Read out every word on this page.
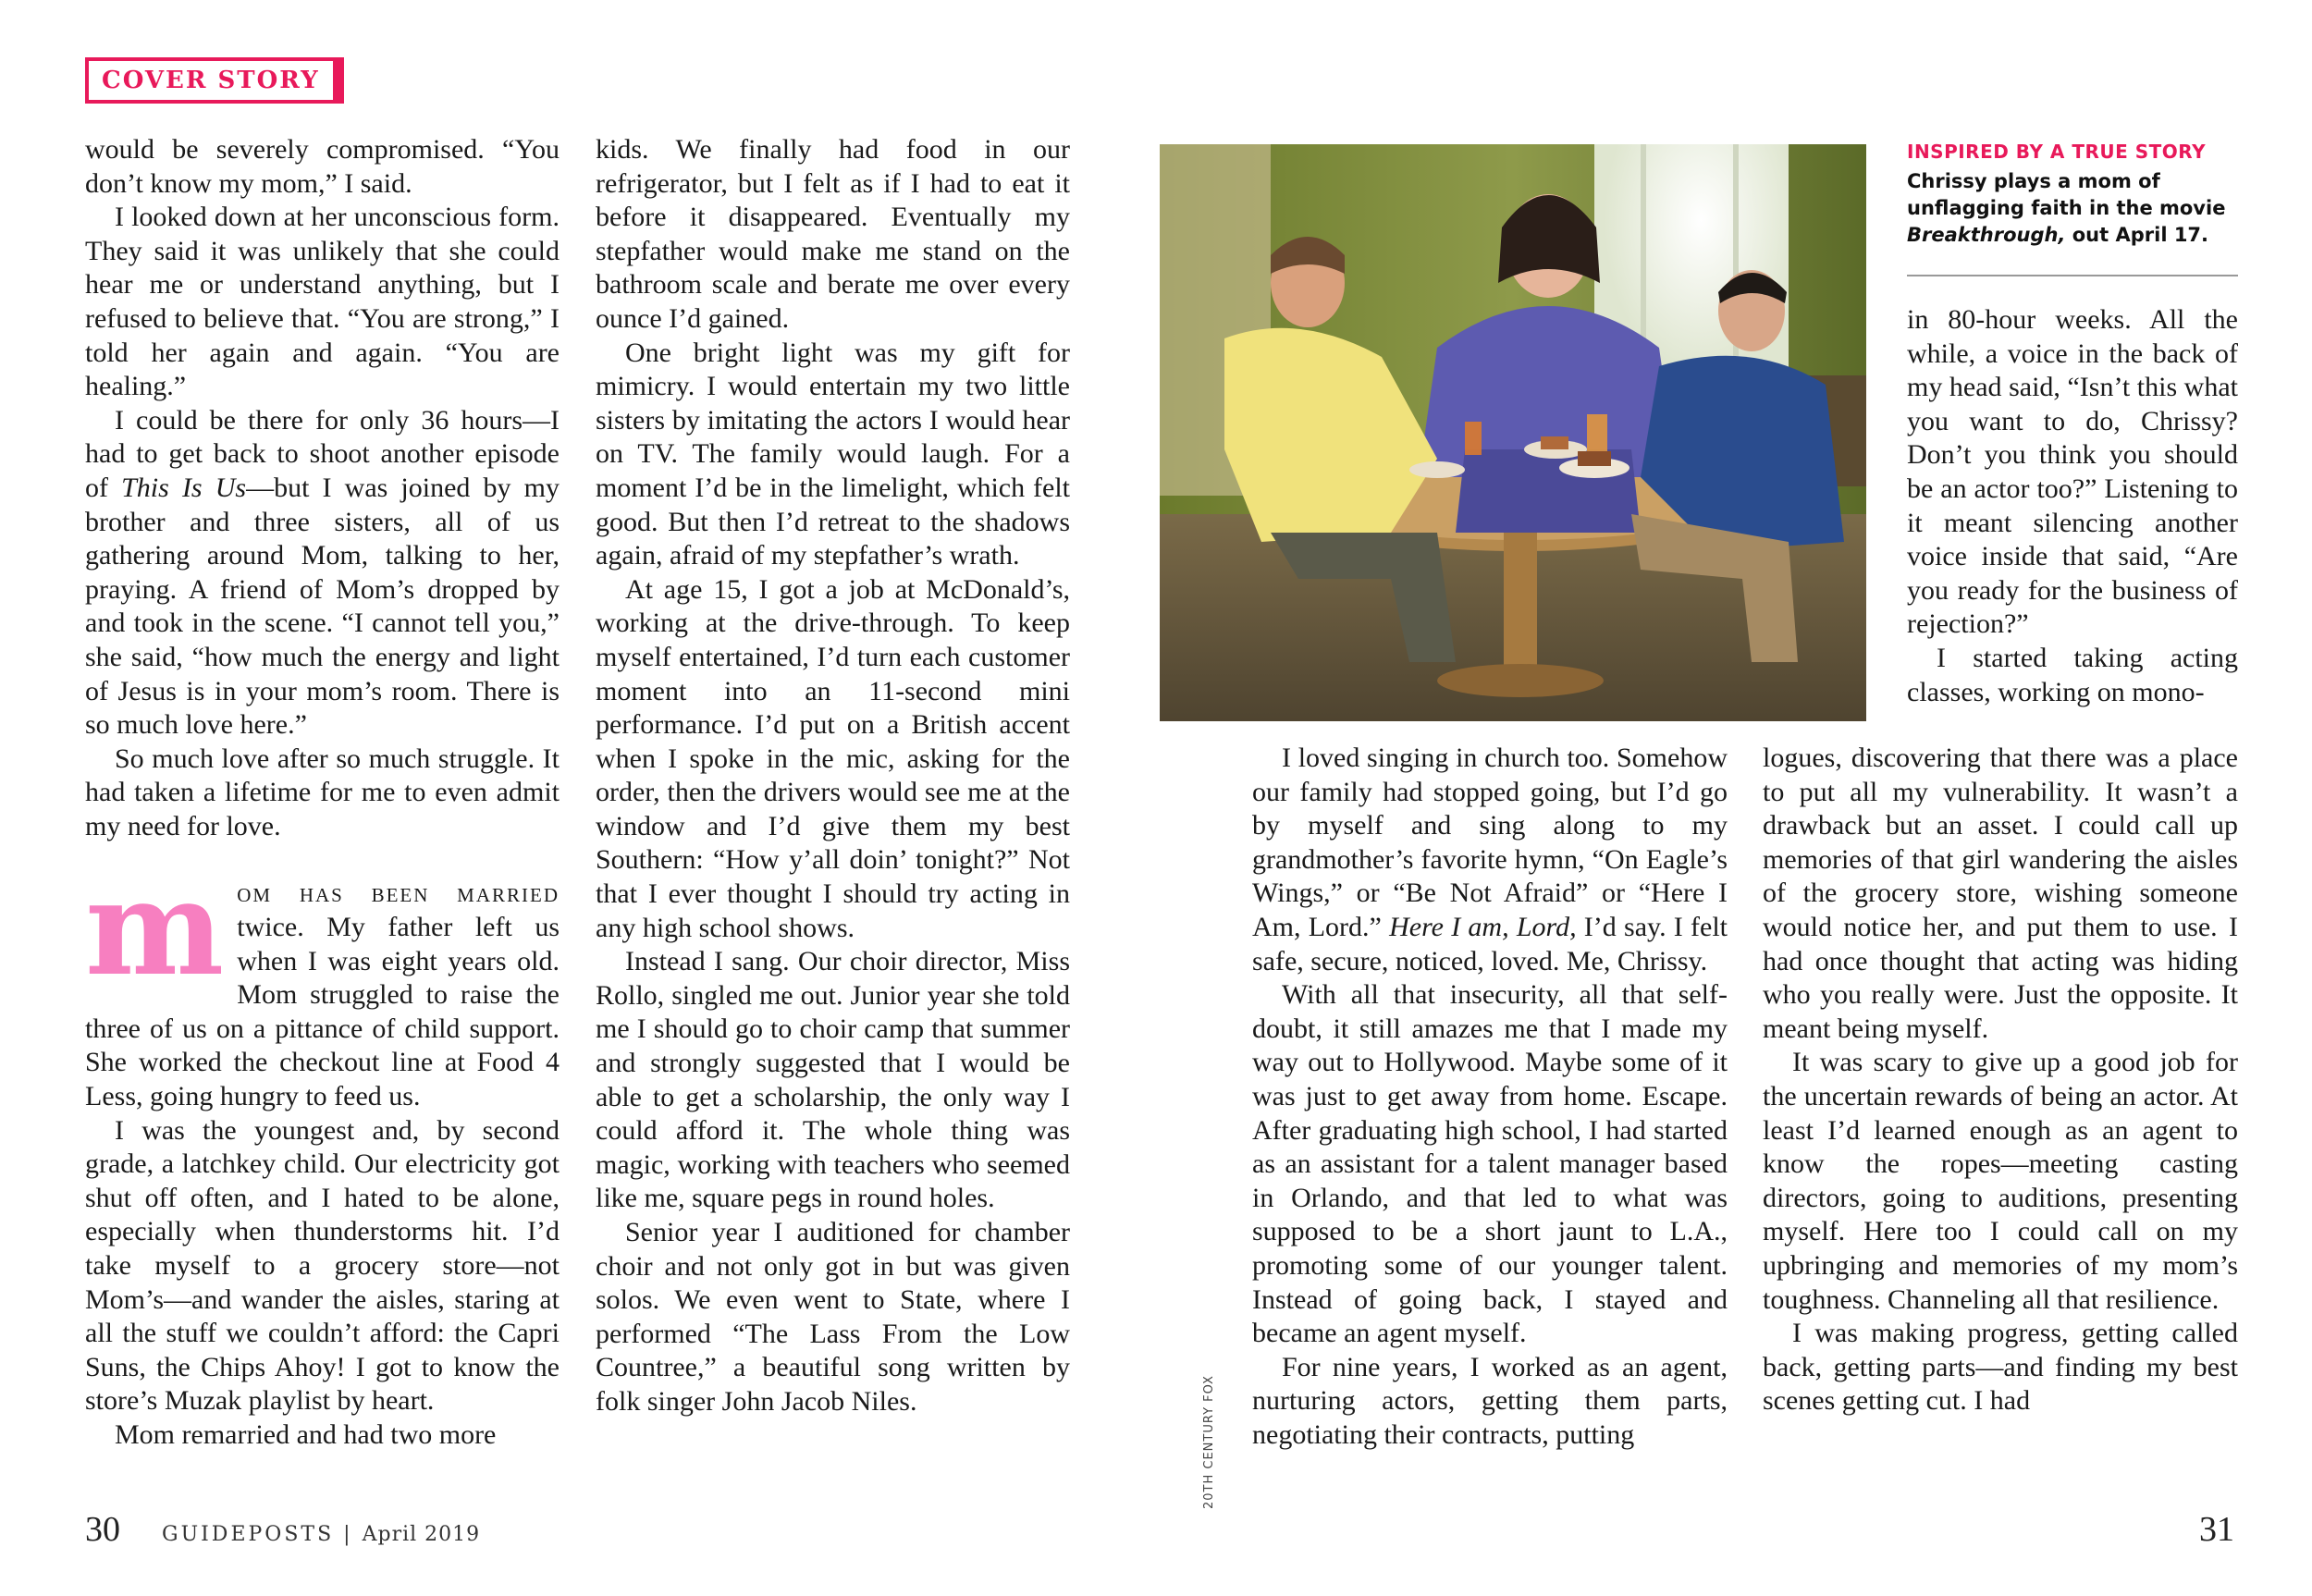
COVER STORY

would be severely compromised. “You don’t know my mom,” I said.

I looked down at her unconscious form. They said it was unlikely that she could hear me or understand anything, but I refused to believe that. “You are strong,” I told her again and again. “You are healing.”

I could be there for only 36 hours—I had to get back to shoot another episode of This Is Us—but I was joined by my brother and three sisters, all of us gathering around Mom, talking to her, praying. A friend of Mom’s dropped by and took in the scene. “I cannot tell you,” she said, “how much the energy and light of Jesus is in your mom’s room. There is so much love here.”

So much love after so much struggle. It had taken a lifetime for me to even admit my need for love.

mom has been married twice. My father left us when I was eight years old. Mom struggled to raise the three of us on a pittance of child support. She worked the checkout line at Food 4 Less, going hungry to feed us.

I was the youngest and, by second grade, a latchkey child. Our electricity got shut off often, and I hated to be alone, especially when thunderstorms hit. I’d take myself to a grocery store—not Mom’s—and wander the aisles, staring at all the stuff we couldn’t afford: the Capri Suns, the Chips Ahoy! I got to know the store’s Muzak playlist by heart.

Mom remarried and had two more

kids. We finally had food in our refrigerator, but I felt as if I had to eat it before it disappeared. Eventually my stepfather would make me stand on the bathroom scale and berate me over every ounce I’d gained.

One bright light was my gift for mimicry. I would entertain my two little sisters by imitating the actors I would hear on TV. The family would laugh. For a moment I’d be in the limelight, which felt good. But then I’d retreat to the shadows again, afraid of my stepfather’s wrath.

At age 15, I got a job at McDonald’s, working at the drive-through. To keep myself entertained, I’d turn each customer moment into an 11-second mini performance. I’d put on a British accent when I spoke in the mic, asking for the order, then the drivers would see me at the window and I’d give them my best Southern: “How y’all doin’ tonight?” Not that I ever thought I should try acting in any high school shows.

Instead I sang. Our choir director, Miss Rollo, singled me out. Junior year she told me I should go to choir camp that summer and strongly suggested that I would be able to get a scholarship, the only way I could afford it. The whole thing was magic, working with teachers who seemed like me, square pegs in round holes.

Senior year I auditioned for chamber choir and not only got in but was given solos. We even went to State, where I performed “The Lass From the Low Countree,” a beautiful song written by folk singer John Jacob Niles.	20TH CENTURY FOX
INSPIRED BY A TRUE STORY
Chrissy plays a mom of unflagging faith in the movie Breakthrough, out April 17.

I loved singing in church too. Somehow our family had stopped going, but I’d go by myself and sing along to my grandmother’s favorite hymn, “On Eagle’s Wings,” or “Be Not Afraid” or “Here I Am, Lord.” Here I am, Lord, I’d say. I felt safe, secure, noticed, loved. Me, Chrissy.

With all that insecurity, all that self-doubt, it still amazes me that I made my way out to Hollywood. Maybe some of it was just to get away from home. Escape. After graduating high school, I had started as an assistant for a talent manager based in Orlando, and that led to what was supposed to be a short jaunt to L.A., promoting some of our younger talent. Instead of going back, I stayed and became an agent myself.

For nine years, I worked as an agent, nurturing actors, getting them parts, negotiating their contracts, putting

in 80-hour weeks. All the while, a voice in the back of my head said, “Isn’t this what you want to do, Chrissy? Don’t you think you should be an actor too?” Listening to it meant silencing another voice inside that said, “Are you ready for the business of rejection?”

I started taking acting classes, working on mono-

logues, discovering that there was a place to put all my vulnerability. It wasn’t a drawback but an asset. I could call up memories of that girl wandering the aisles of the grocery store, wishing someone would notice her, and put them to use. I had once thought that acting was hiding who you really were. Just the opposite. It meant being myself.

It was scary to give up a good job for the uncertain rewards of being an actor. At least I’d learned enough as an agent to know the ropes—meeting casting directors, going to auditions, presenting myself. Here too I could call on my upbringing and memories of my mom’s toughness. Channeling all that resilience.

I was making progress, getting called back, getting parts—and finding my best scenes getting cut. I had

30 GUIDEPOSTS | April 2019	31
